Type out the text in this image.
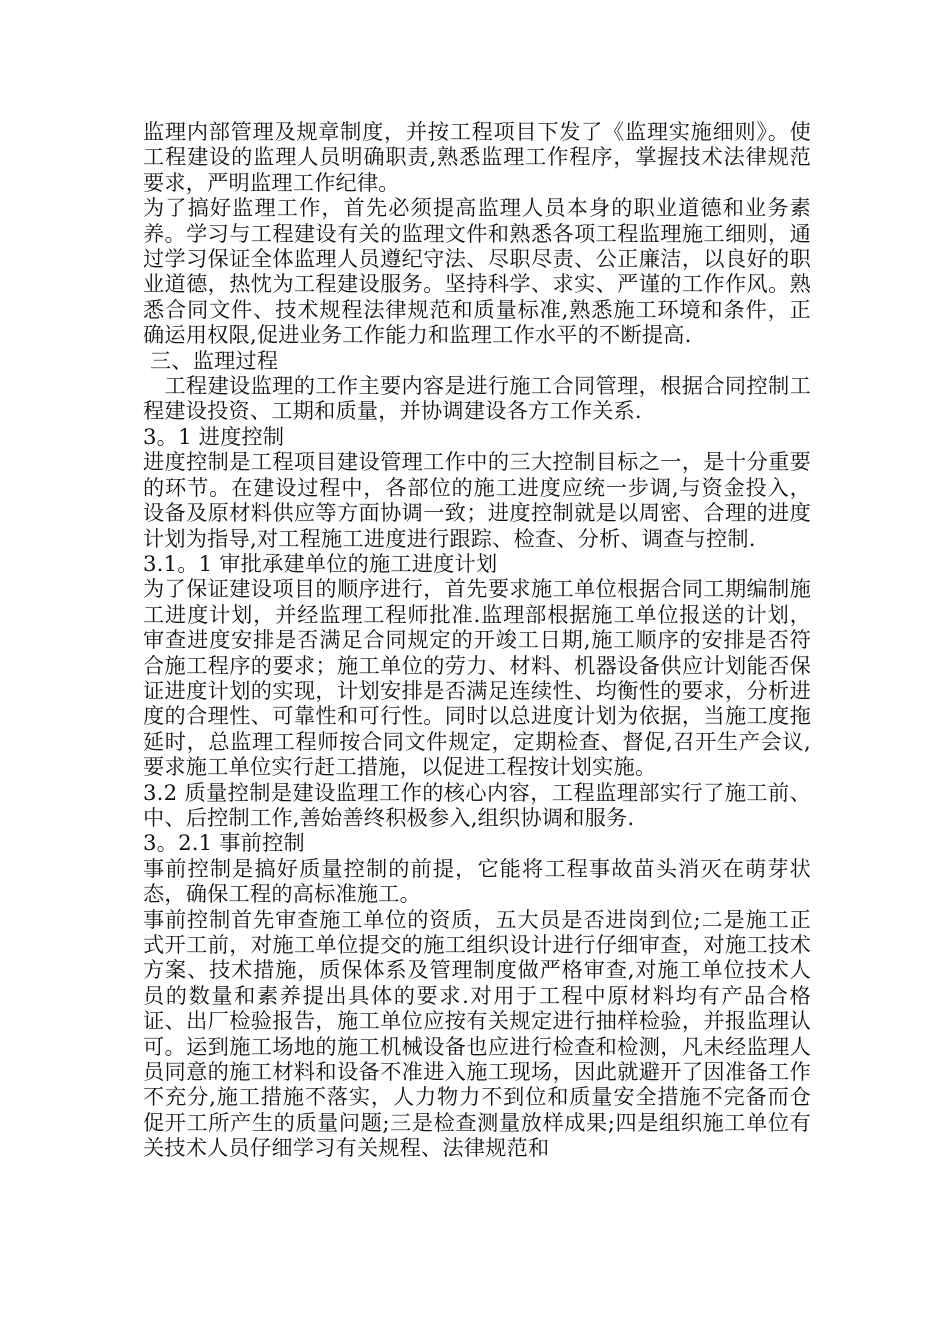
监理内部管理及规章制度，并按工程项目下发了《监理实施细则》。使工程建设的监理人员明确职责,熟悉监理工作程序，掌握技术法律规范要求，严明监理工作纪律。

为了搞好监理工作，首先必须提高监理人员本身的职业道德和业务素养。学习与工程建设有关的监理文件和熟悉各项工程监理施工细则，通过学习保证全体监理人员遵纪守法、尽职尽责、公正廉洁，以良好的职业道德，热忱为工程建设服务。坚持科学、求实、严谨的工作作风。熟悉合同文件、技术规程法律规范和质量标准,熟悉施工环境和条件，正确运用权限,促进业务工作能力和监理工作水平的不断提高.

三、监理过程

工程建设监理的工作主要内容是进行施工合同管理，根据合同控制工程建设投资、工期和质量，并协调建设各方工作关系.

3。1 进度控制

进度控制是工程项目建设管理工作中的三大控制目标之一，是十分重要的环节。在建设过程中，各部位的施工进度应统一步调,与资金投入，设备及原材料供应等方面协调一致；进度控制就是以周密、合理的进度计划为指导,对工程施工进度进行跟踪、检查、分析、调查与控制.

3.1。1 审批承建单位的施工进度计划

为了保证建设项目的顺序进行，首先要求施工单位根据合同工期编制施工进度计划，并经监理工程师批准.监理部根据施工单位报送的计划，审查进度安排是否满足合同规定的开竣工日期,施工顺序的安排是否符合施工程序的要求；施工单位的劳力、材料、机器设备供应计划能否保证进度计划的实现，计划安排是否满足连续性、均衡性的要求，分析进度的合理性、可靠性和可行性。同时以总进度计划为依据，当施工度拖延时，总监理工程师按合同文件规定，定期检查、督促,召开生产会议,要求施工单位实行赶工措施，以促进工程按计划实施。

3.2 质量控制是建设监理工作的核心内容，工程监理部实行了施工前、中、后控制工作,善始善终积极参入,组织协调和服务.

3。2.1 事前控制

事前控制是搞好质量控制的前提，它能将工程事故苗头消灭在萌芽状态，确保工程的高标准施工。

事前控制首先审查施工单位的资质，五大员是否进岗到位;二是施工正式开工前，对施工单位提交的施工组织设计进行仔细审查，对施工技术方案、技术措施，质保体系及管理制度做严格审查,对施工单位技术人员的数量和素养提出具体的要求.对用于工程中原材料均有产品合格证、出厂检验报告，施工单位应按有关规定进行抽样检验，并报监理认可。运到施工场地的施工机械设备也应进行检查和检测，凡未经监理人员同意的施工材料和设备不准进入施工现场，因此就避开了因准备工作不充分,施工措施不落实，人力物力不到位和质量安全措施不完备而仓促开工所产生的质量问题;三是检查测量放样成果;四是组织施工单位有关技术人员仔细学习有关规程、法律规范和
